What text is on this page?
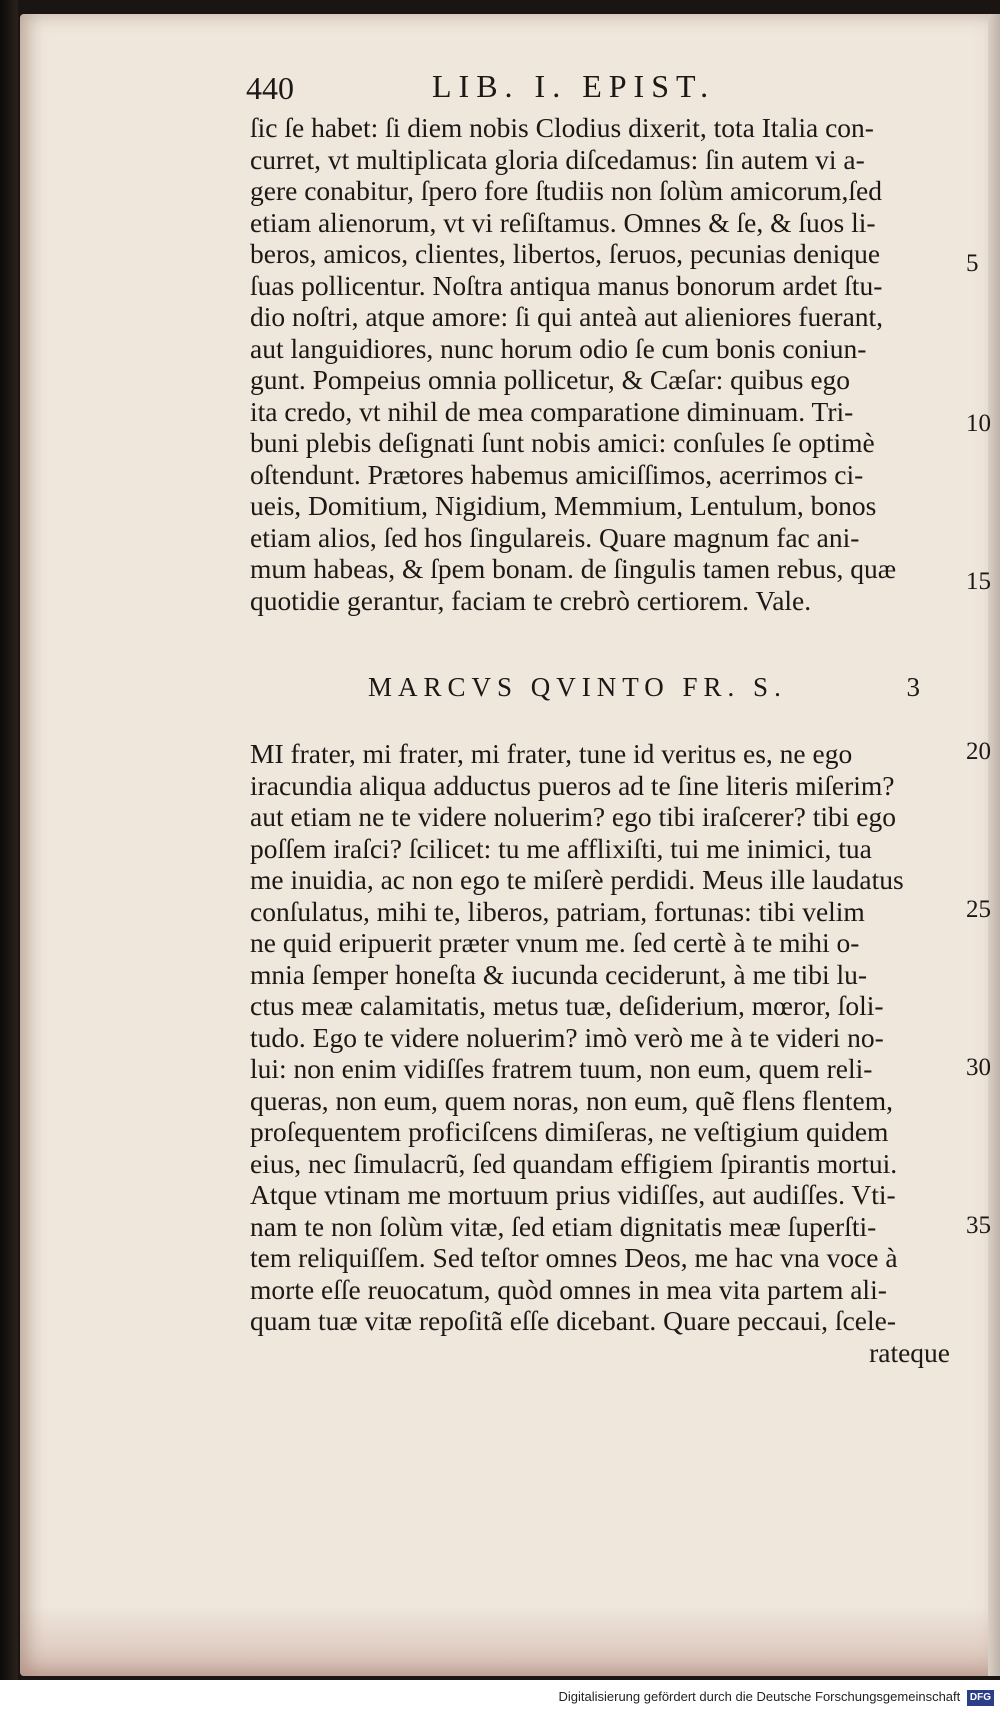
440	LIB. I. EPIST.
ſic ſe habet: ſi diem nobis Clodius dixerit, tota Italia con-
curret, vt multiplicata gloria diſcedamus: ſin autem vi a-
gere conabitur, ſpero fore ſtudiis non ſolùm amicorum,ſed
etiam alienorum, vt vi reſiſtamus. Omnes & ſe, & ſuos li-
beros, amicos, clientes, libertos, ſeruos, pecunias denique
ſuas pollicentur. Noſtra antiqua manus bonorum ardet ſtu-
dio noſtri, atque amore: ſi qui anteà aut alieniores fuerant,
aut languidiores, nunc horum odio ſe cum bonis coniun-
gunt. Pompeius omnia pollicetur, & Cæſar: quibus ego
ita credo, vt nihil de mea comparatione diminuam. Tri-
buni plebis deſignati ſunt nobis amici: conſules ſe optimè
oſtendunt. Prætores habemus amiciſſimos, acerrimos ci-
ueis, Domitium, Nigidium, Memmium, Lentulum, bonos
etiam alios, ſed hos ſingulareis. Quare magnum fac ani-
mum habeas, & ſpem bonam. de ſingulis tamen rebus, quæ
quotidie gerantur, faciam te crebrò certiorem. Vale.
MARCVS QVINTO FR. S.	3
MI frater, mi frater, mi frater, tune id veritus es, ne ego
iracundia aliqua adductus pueros ad te ſine literis miſerim?
aut etiam ne te videre noluerim? ego tibi iraſcerer? tibi ego
poſſem iraſci? ſcilicet: tu me afflixiſti, tui me inimici, tua
me inuidia, ac non ego te miſerè perdidi. Meus ille laudatus
conſulatus, mihi te, liberos, patriam, fortunas: tibi velim
ne quid eripuerit præter vnum me. ſed certè à te mihi o-
mnia ſemper honeſta & iucunda ceciderunt, à me tibi lu-
ctus meæ calamitatis, metus tuæ, deſiderium, mœror, ſoli-
tudo. Ego te videre noluerim? imò verò me à te videri no-
lui: non enim vidiſſes fratrem tuum, non eum, quem reli-
queras, non eum, quem noras, non eum, quẽ flens flentem,
proſequentem proficiſcens dimiſeras, ne veſtigium quidem
eius, nec ſimulacrũ, ſed quandam effigiem ſpirantis mortui.
Atque vtinam me mortuum prius vidiſſes, aut audiſſes. Vti-
nam te non ſolùm vitæ, ſed etiam dignitatis meæ ſuperſti-
tem reliquiſſem. Sed teſtor omnes Deos, me hac vna voce à
morte eſſe reuocatum, quòd omnes in mea vita partem ali-
quam tuæ vitæ repoſitã eſſe dicebant. Quare peccaui, ſcele-
rateque
5
10
15
20
25
30
35
Digitalisierung gefördert durch die Deutsche Forschungsgemeinschaft DFG
